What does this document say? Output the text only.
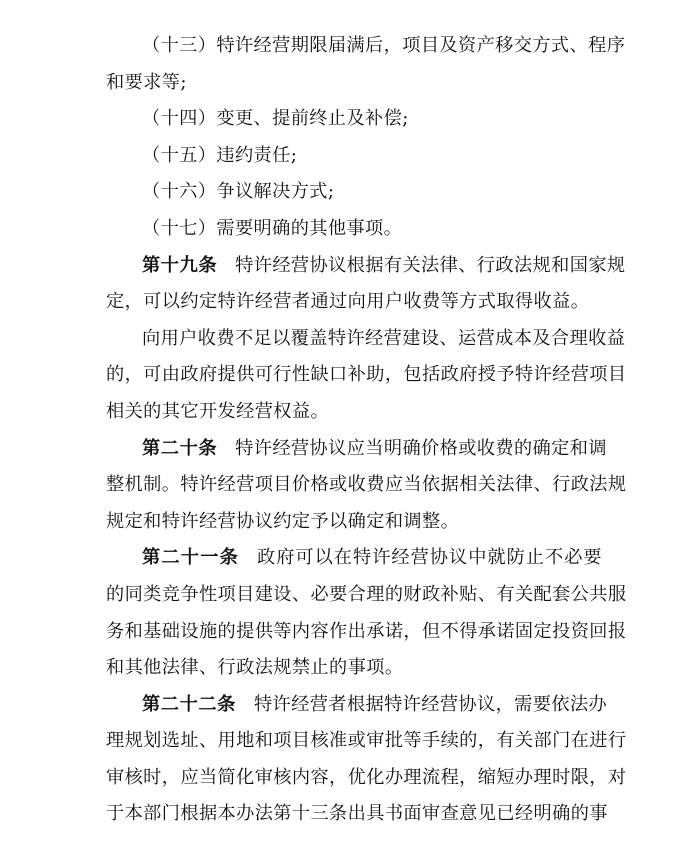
（十三）特许经营期限届满后，项目及资产移交方式、程序
和要求等;
（十四）变更、提前终止及补偿;
（十五）违约责任;
（十六）争议解决方式;
（十七）需要明确的其他事项。
第十九条 特许经营协议根据有关法律、行政法规和国家规
定，可以约定特许经营者通过向用户收费等方式取得收益。
向用户收费不足以覆盖特许经营建设、运营成本及合理收益
的，可由政府提供可行性缺口补助，包括政府授予特许经营项目
相关的其它开发经营权益。
第二十条 特许经营协议应当明确价格或收费的确定和调
整机制。特许经营项目价格或收费应当依据相关法律、行政法规
规定和特许经营协议约定予以确定和调整。
第二十一条 政府可以在特许经营协议中就防止不必要
的同类竞争性项目建设、必要合理的财政补贴、有关配套公共服
务和基础设施的提供等内容作出承诺，但不得承诺固定投资回报
和其他法律、行政法规禁止的事项。
第二十二条 特许经营者根据特许经营协议，需要依法办
理规划选址、用地和项目核准或审批等手续的，有关部门在进行
审核时，应当简化审核内容，优化办理流程，缩短办理时限，对
于本部门根据本办法第十三条出具书面审查意见已经明确的事
